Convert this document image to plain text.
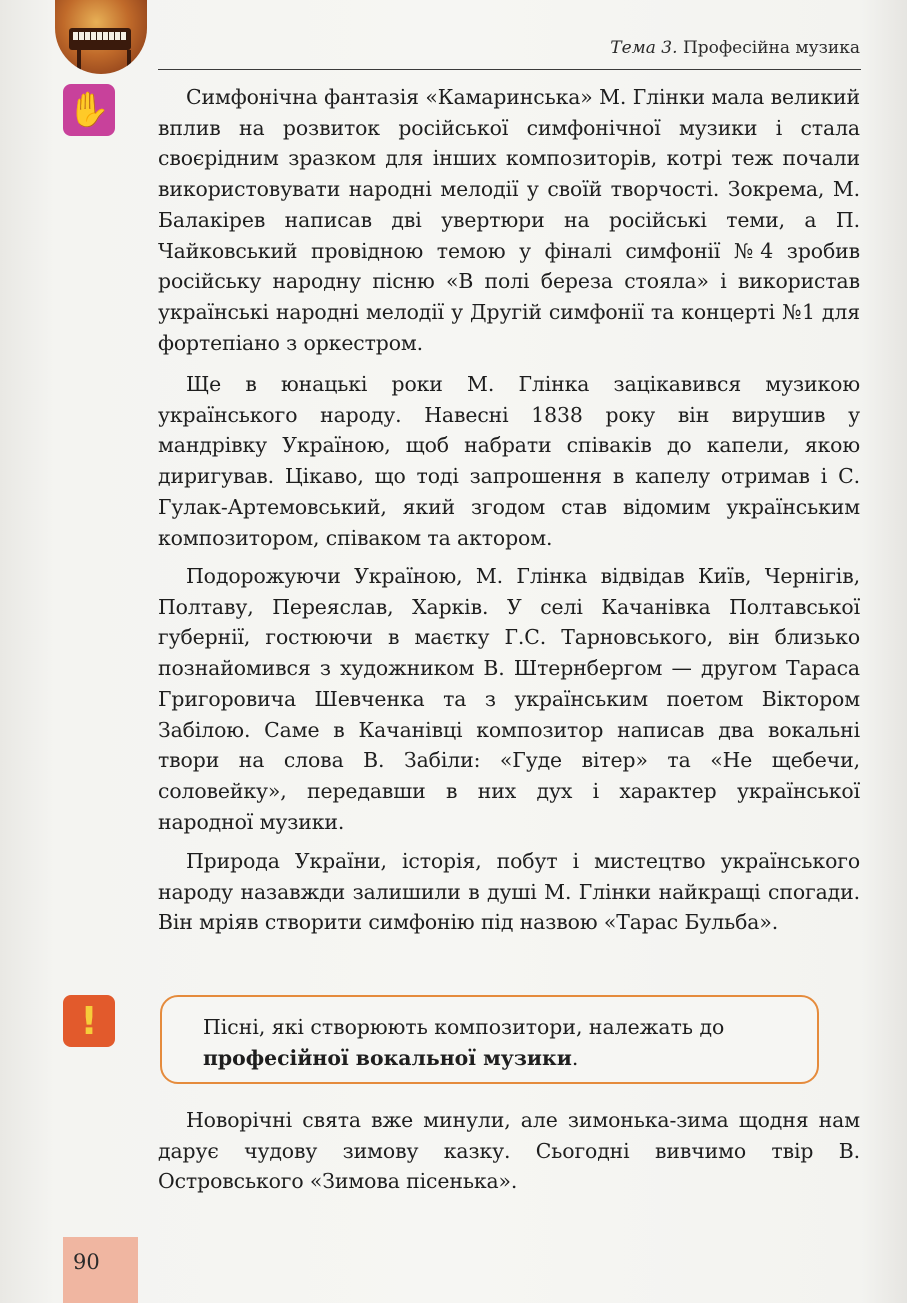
Тема 3. Професійна музика
✋	Симфонічна фантазія «Камаринська» М. Глінки мала великий вплив на розвиток російської симфонічної музики і стала своєрідним зразком для інших композиторів, котрі теж почали використовувати народні мелодії у своїй творчості. Зокрема, М. Балакірев написав дві увертюри на російські теми, а П. Чайковський провідною темою у фіналі симфонії №4 зробив російську народну пісню «В полі береза стояла» і використав українські народні мелодії у Другій симфонії та концерті №1 для фортепіано з оркестром.

Ще в юнацькі роки М. Глінка зацікавився музикою українського народу. Навесні 1838 року він вирушив у мандрівку Україною, щоб набрати співаків до капели, якою диригував. Цікаво, що тоді запрошення в капелу отримав і С. Гулак-Артемовський, який згодом став відомим українським композитором, співаком та актором.

Подорожуючи Україною, М. Глінка відвідав Київ, Чернігів, Полтаву, Переяслав, Харків. У селі Качанівка Полтавської губернії, гостюючи в маєтку Г.С. Тарновського, він близько познайомився з художником В. Штернбергом — другом Тараса Григоровича Шевченка та з українським поетом Віктором Забілою. Саме в Качанівці композитор написав два вокальні твори на слова В. Забіли: «Гуде вітер» та «Не щебечи, соловейку», передавши в них дух і характер української народної музики.

Природа України, історія, побут і мистецтво українського народу назавжди залишили в душі М. Глінки найкращі спогади. Він мріяв створити симфонію під назвою «Тарас Бульба».

!	Пісні, які створюють композитори, належать до професійної вокальної музики.

Новорічні свята вже минули, але зимонька-зима щодня нам дарує чудову зимову казку. Сьогодні вивчимо твір В. Островського «Зимова пісенька».

90
